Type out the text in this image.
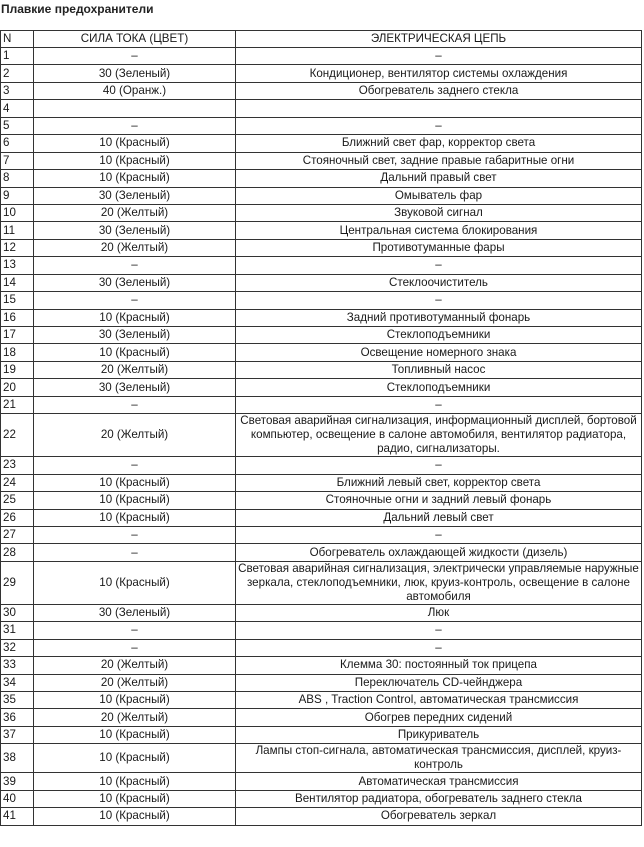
Плавкие предохранители
N	СИЛА ТОКА (ЦВЕТ)	ЭЛЕКТРИЧЕСКАЯ ЦЕПЬ
1	–	–
2	30 (Зеленый)	Кондиционер, вентилятор системы охлаждения
3	40 (Оранж.)	Обогреватель заднего стекла
4		
5	–	–
6	10 (Красный)	Ближний свет фар, корректор света
7	10 (Красный)	Стояночный свет, задние правые габаритные огни
8	10 (Красный)	Дальний правый свет
9	30 (Зеленый)	Омыватель фар
10	20 (Желтый)	Звуковой сигнал
11	30 (Зеленый)	Центральная система блокирования
12	20 (Желтый)	Противотуманные фары
13	–	–
14	30 (Зеленый)	Стеклоочиститель
15	–	–
16	10 (Красный)	Задний противотуманный фонарь
17	30 (Зеленый)	Стеклоподъемники
18	10 (Красный)	Освещение номерного знака
19	20 (Желтый)	Топливный насос
20	30 (Зеленый)	Стеклоподъемники
21	–	–
22	20 (Желтый)	Световая аварийная сигнализация, информационный дисплей, бортовой компьютер, освещение в салоне автомобиля, вентилятор радиатора, радио, сигнализаторы.
23	–	–
24	10 (Красный)	Ближний левый свет, корректор света
25	10 (Красный)	Стояночные огни и задний левый фонарь
26	10 (Красный)	Дальний левый свет
27	–	–
28	–	Обогреватель охлаждающей жидкости (дизель)
29	10 (Красный)	Световая аварийная сигнализация, электрически управляемые наружные зеркала, стеклоподъемники, люк, круиз-контроль, освещение в салоне автомобиля
30	30 (Зеленый)	Люк
31	–	–
32	–	–
33	20 (Желтый)	Клемма 30: постоянный ток прицепа
34	20 (Желтый)	Переключатель CD-чейнджера
35	10 (Красный)	ABS , Traction Control, автоматическая трансмиссия
36	20 (Желтый)	Обогрев передних сидений
37	10 (Красный)	Прикуриватель
38	10 (Красный)	Лампы стоп-сигнала, автоматическая трансмиссия, дисплей, круиз-контроль
39	10 (Красный)	Автоматическая трансмиссия
40	10 (Красный)	Вентилятор радиатора, обогреватель заднего стекла
41	10 (Красный)	Обогреватель зеркал
